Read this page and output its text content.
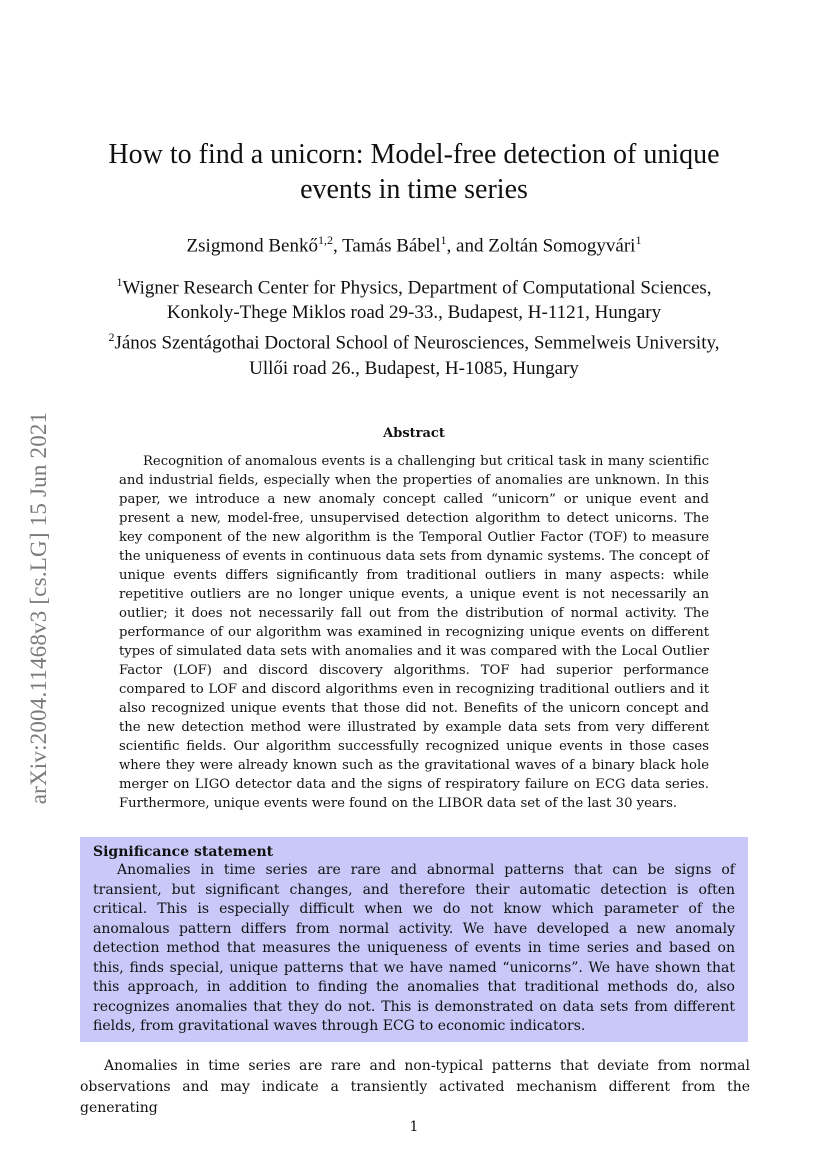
arXiv:2004.11468v3 [cs.LG] 15 Jun 2021
How to find a unicorn: Model-free detection of unique events in time series
Zsigmond Benkő$^{1,2}$, Tamás Bábel$^1$, and Zoltán Somogyvári$^1$
$^1$Wigner Research Center for Physics, Department of Computational Sciences,
Konkoly-Thege Miklos road 29-33., Budapest, H-1121, Hungary
$^2$János Szentágothai Doctoral School of Neurosciences, Semmelweis University,
Ullői road 26., Budapest, H-1085, Hungary
Abstract

Recognition of anomalous events is a challenging but critical task in many scientific and industrial fields, especially when the properties of anomalies are unknown. In this paper, we introduce a new anomaly concept called “unicorn” or unique event and present a new, model-free, unsupervised detection algorithm to detect unicorns. The key component of the new algorithm is the Temporal Outlier Factor (TOF) to measure the uniqueness of events in continuous data sets from dynamic systems. The concept of unique events differs significantly from traditional outliers in many aspects: while repetitive outliers are no longer unique events, a unique event is not necessarily an outlier; it does not necessarily fall out from the distribution of normal activity. The performance of our algorithm was examined in recognizing unique events on different types of simulated data sets with anomalies and it was compared with the Local Outlier Factor (LOF) and discord discovery algorithms. TOF had superior performance compared to LOF and discord algorithms even in recognizing traditional outliers and it also recognized unique events that those did not. Benefits of the unicorn concept and the new detection method were illustrated by example data sets from very different scientific fields. Our algorithm successfully recognized unique events in those cases where they were already known such as the gravitational waves of a binary black hole merger on LIGO detector data and the signs of respiratory failure on ECG data series. Furthermore, unique events were found on the LIBOR data set of the last 30 years.

Significance statement

Anomalies in time series are rare and abnormal patterns that can be signs of transient, but significant changes, and therefore their automatic detection is often critical. This is especially difficult when we do not know which parameter of the anomalous pattern differs from normal activity. We have developed a new anomaly detection method that measures the uniqueness of events in time series and based on this, finds special, unique patterns that we have named “unicorns”. We have shown that this approach, in addition to finding the anomalies that traditional methods do, also recognizes anomalies that they do not. This is demonstrated on data sets from different fields, from gravitational waves through ECG to economic indicators.

Anomalies in time series are rare and non-typical patterns that deviate from normal observations and may indicate a transiently activated mechanism different from the generating

1
